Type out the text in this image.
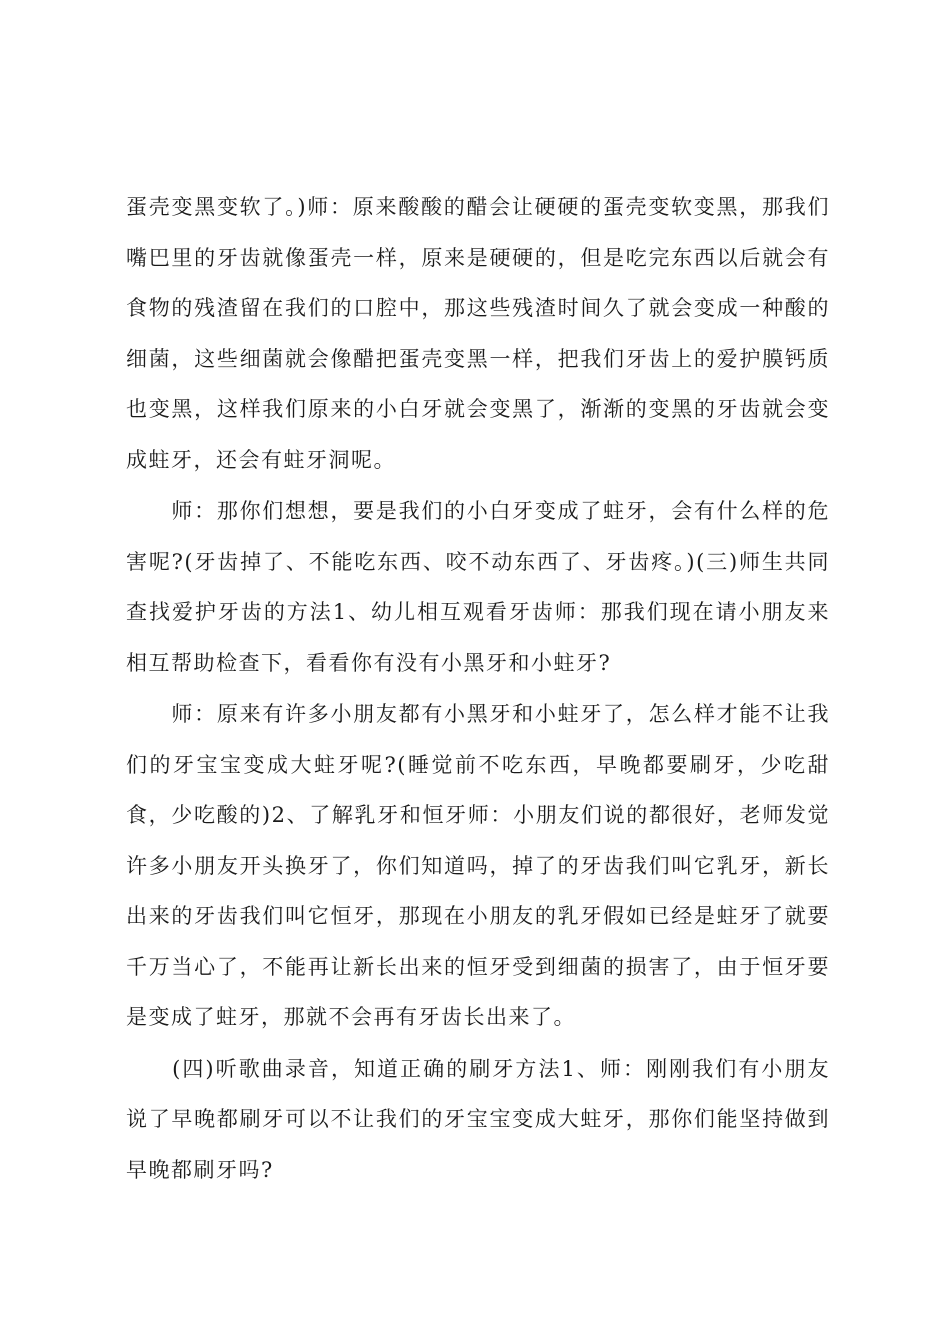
蛋壳变黑变软了。)师：原来酸酸的醋会让硬硬的蛋壳变软变黑，那我们
嘴巴里的牙齿就像蛋壳一样，原来是硬硬的，但是吃完东西以后就会有
食物的残渣留在我们的口腔中，那这些残渣时间久了就会变成一种酸的
细菌，这些细菌就会像醋把蛋壳变黑一样，把我们牙齿上的爱护膜钙质
也变黑，这样我们原来的小白牙就会变黑了，渐渐的变黑的牙齿就会变
成蛀牙，还会有蛀牙洞呢。
　　师：那你们想想，要是我们的小白牙变成了蛀牙，会有什么样的危
害呢?(牙齿掉了、不能吃东西、咬不动东西了、牙齿疼。)(三)师生共同
查找爱护牙齿的方法1、幼儿相互观看牙齿师：那我们现在请小朋友来
相互帮助检查下，看看你有没有小黑牙和小蛀牙?
　　师：原来有许多小朋友都有小黑牙和小蛀牙了，怎么样才能不让我
们的牙宝宝变成大蛀牙呢?(睡觉前不吃东西，早晚都要刷牙，少吃甜
食，少吃酸的)2、了解乳牙和恒牙师：小朋友们说的都很好，老师发觉
许多小朋友开头换牙了，你们知道吗，掉了的牙齿我们叫它乳牙，新长
出来的牙齿我们叫它恒牙，那现在小朋友的乳牙假如已经是蛀牙了就要
千万当心了，不能再让新长出来的恒牙受到细菌的损害了，由于恒牙要
是变成了蛀牙，那就不会再有牙齿长出来了。
　　(四)听歌曲录音，知道正确的刷牙方法1、师：刚刚我们有小朋友
说了早晚都刷牙可以不让我们的牙宝宝变成大蛀牙，那你们能坚持做到
早晚都刷牙吗?
